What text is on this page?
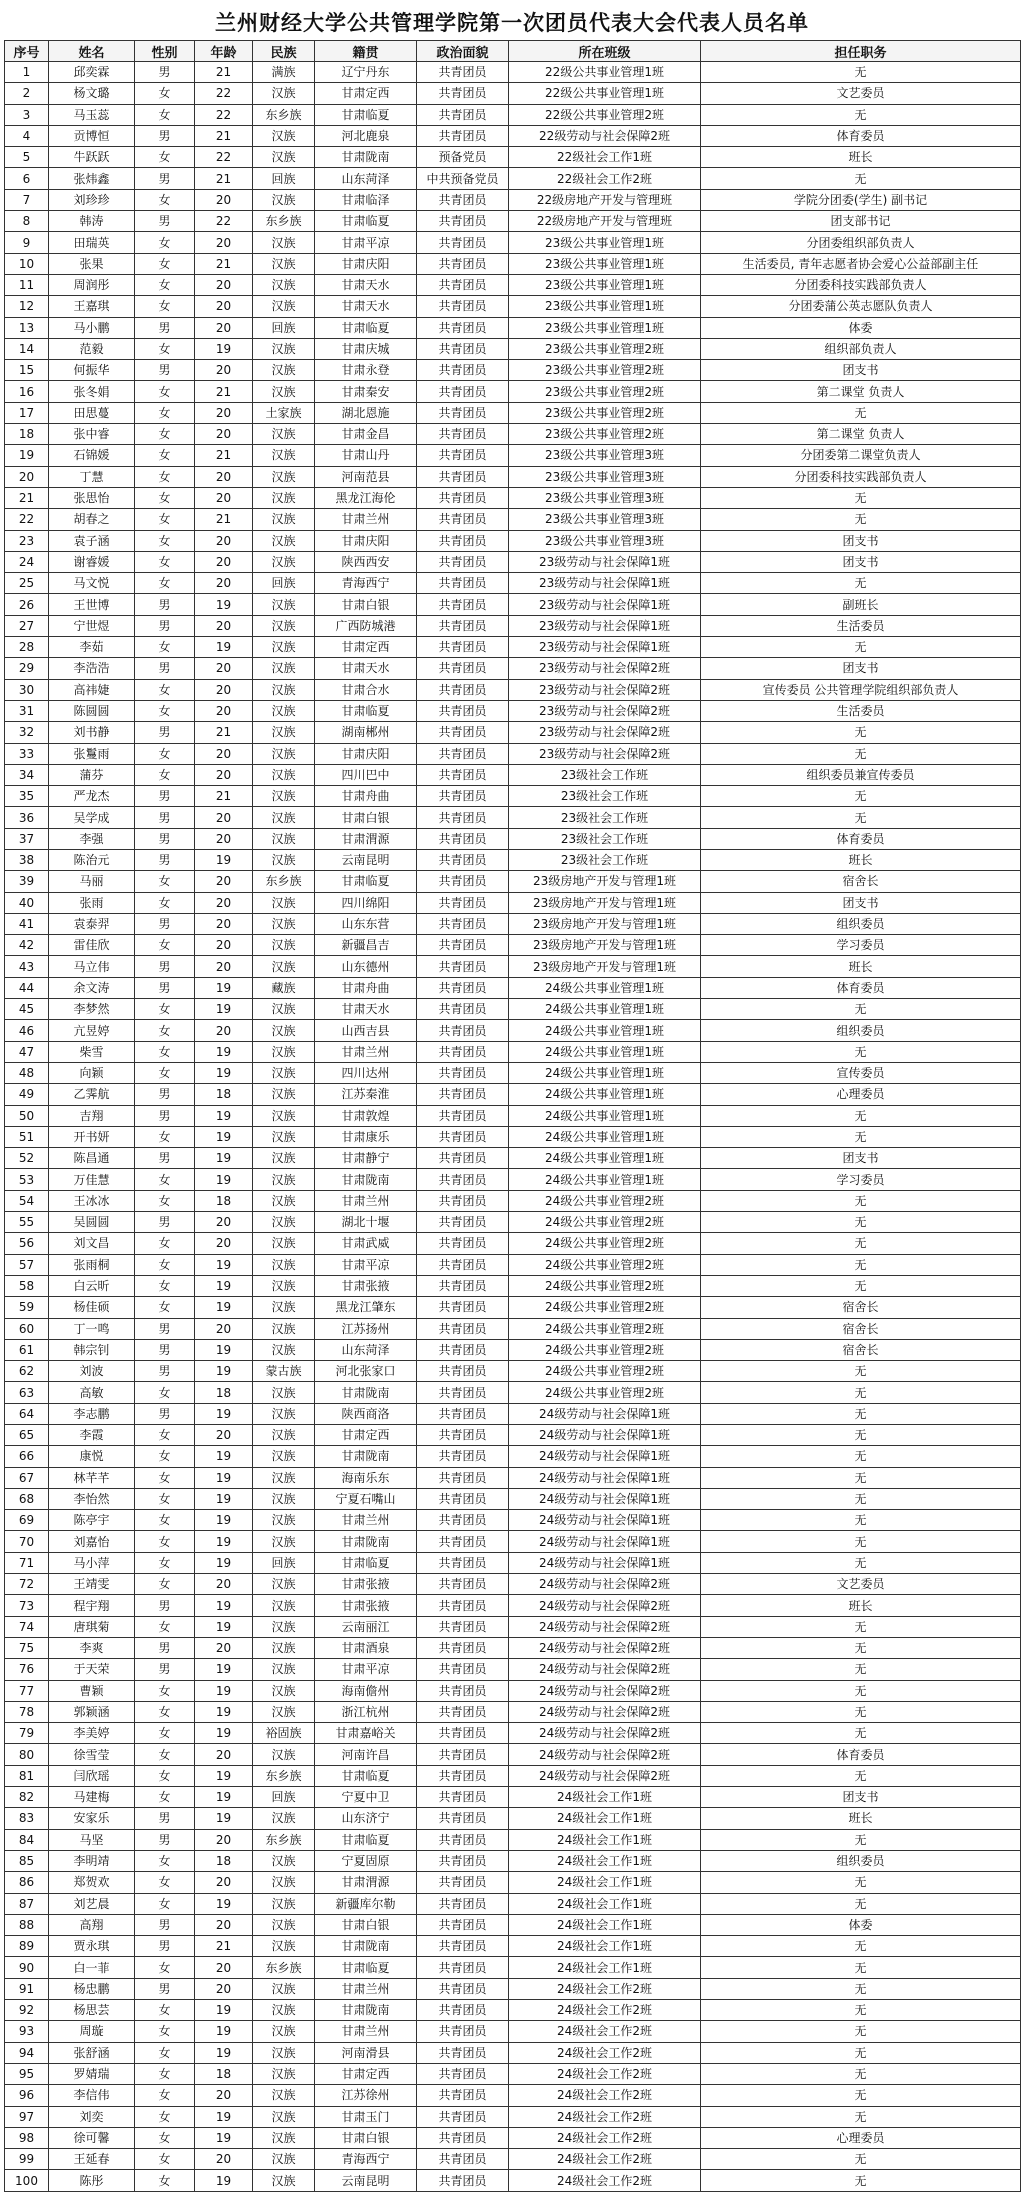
兰州财经大学公共管理学院第一次团员代表大会代表人员名单
序号	姓名	性别	年龄	民族	籍贯	政治面貌	所在班级	担任职务
1	邱奕霖	男	21	满族	辽宁丹东	共青团员	22级公共事业管理1班	无
2	杨文璐	女	22	汉族	甘肃定西	共青团员	22级公共事业管理1班	文艺委员
3	马玉蕊	女	22	东乡族	甘肃临夏	共青团员	22级公共事业管理2班	无
4	贡博恒	男	21	汉族	河北鹿泉	共青团员	22级劳动与社会保障2班	体育委员
5	牛跃跃	女	22	汉族	甘肃陇南	预备党员	22级社会工作1班	班长
6	张炜鑫	男	21	回族	山东菏泽	中共预备党员	22级社会工作2班	无
7	刘珍珍	女	20	汉族	甘肃临泽	共青团员	22级房地产开发与管理班	学院分团委(学生) 副书记
8	韩涛	男	22	东乡族	甘肃临夏	共青团员	22级房地产开发与管理班	团支部书记
9	田瑞英	女	20	汉族	甘肃平凉	共青团员	23级公共事业管理1班	分团委组织部负责人
10	张果	女	21	汉族	甘肃庆阳	共青团员	23级公共事业管理1班	生活委员, 青年志愿者协会爱心公益部副主任
11	周润彤	女	20	汉族	甘肃天水	共青团员	23级公共事业管理1班	分团委科技实践部负责人
12	王嘉琪	女	20	汉族	甘肃天水	共青团员	23级公共事业管理1班	分团委蒲公英志愿队负责人
13	马小鹏	男	20	回族	甘肃临夏	共青团员	23级公共事业管理1班	体委
14	范毅	女	19	汉族	甘肃庆城	共青团员	23级公共事业管理2班	组织部负责人
15	何振华	男	20	汉族	甘肃永登	共青团员	23级公共事业管理2班	团支书
16	张冬娟	女	21	汉族	甘肃秦安	共青团员	23级公共事业管理2班	第二课堂 负责人
17	田思蔓	女	20	土家族	湖北恩施	共青团员	23级公共事业管理2班	无
18	张中睿	女	20	汉族	甘肃金昌	共青团员	23级公共事业管理2班	第二课堂 负责人
19	石锦媛	女	21	汉族	甘肃山丹	共青团员	23级公共事业管理3班	分团委第二课堂负责人
20	丁慧	女	20	汉族	河南范县	共青团员	23级公共事业管理3班	分团委科技实践部负责人
21	张思怡	女	20	汉族	黑龙江海伦	共青团员	23级公共事业管理3班	无
22	胡春之	女	21	汉族	甘肃兰州	共青团员	23级公共事业管理3班	无
23	袁子涵	女	20	汉族	甘肃庆阳	共青团员	23级公共事业管理3班	团支书
24	谢睿媛	女	20	汉族	陕西西安	共青团员	23级劳动与社会保障1班	团支书
25	马文悦	女	20	回族	青海西宁	共青团员	23级劳动与社会保障1班	无
26	王世博	男	19	汉族	甘肃白银	共青团员	23级劳动与社会保障1班	副班长
27	宁世煜	男	20	汉族	广西防城港	共青团员	23级劳动与社会保障1班	生活委员
28	李茹	女	19	汉族	甘肃定西	共青团员	23级劳动与社会保障1班	无
29	李浩浩	男	20	汉族	甘肃天水	共青团员	23级劳动与社会保障2班	团支书
30	高祎婕	女	20	汉族	甘肃合水	共青团员	23级劳动与社会保障2班	宣传委员 公共管理学院组织部负责人
31	陈圆圆	女	20	汉族	甘肃临夏	共青团员	23级劳动与社会保障2班	生活委员
32	刘书静	男	21	汉族	湖南郴州	共青团员	23级劳动与社会保障2班	无
33	张鬘雨	女	20	汉族	甘肃庆阳	共青团员	23级劳动与社会保障2班	无
34	蒲芬	女	20	汉族	四川巴中	共青团员	23级社会工作班	组织委员兼宣传委员
35	严龙杰	男	21	汉族	甘肃舟曲	共青团员	23级社会工作班	无
36	吴学成	男	20	汉族	甘肃白银	共青团员	23级社会工作班	无
37	李强	男	20	汉族	甘肃渭源	共青团员	23级社会工作班	体育委员
38	陈治元	男	19	汉族	云南昆明	共青团员	23级社会工作班	班长
39	马丽	女	20	东乡族	甘肃临夏	共青团员	23级房地产开发与管理1班	宿舍长
40	张雨	女	20	汉族	四川绵阳	共青团员	23级房地产开发与管理1班	团支书
41	袁泰羿	男	20	汉族	山东东营	共青团员	23级房地产开发与管理1班	组织委员
42	雷佳欣	女	20	汉族	新疆昌吉	共青团员	23级房地产开发与管理1班	学习委员
43	马立伟	男	20	汉族	山东德州	共青团员	23级房地产开发与管理1班	班长
44	余文涛	男	19	藏族	甘肃舟曲	共青团员	24级公共事业管理1班	体育委员
45	李梦然	女	19	汉族	甘肃天水	共青团员	24级公共事业管理1班	无
46	亢昱婷	女	20	汉族	山西吉县	共青团员	24级公共事业管理1班	组织委员
47	柴雪	女	19	汉族	甘肃兰州	共青团员	24级公共事业管理1班	无
48	向颖	女	19	汉族	四川达州	共青团员	24级公共事业管理1班	宣传委员
49	乙霁航	男	18	汉族	江苏秦淮	共青团员	24级公共事业管理1班	心理委员
50	吉翔	男	19	汉族	甘肃敦煌	共青团员	24级公共事业管理1班	无
51	开书妍	女	19	汉族	甘肃康乐	共青团员	24级公共事业管理1班	无
52	陈昌通	男	19	汉族	甘肃静宁	共青团员	24级公共事业管理1班	团支书
53	万佳慧	女	19	汉族	甘肃陇南	共青团员	24级公共事业管理1班	学习委员
54	王冰冰	女	18	汉族	甘肃兰州	共青团员	24级公共事业管理2班	无
55	吴圆圆	男	20	汉族	湖北十堰	共青团员	24级公共事业管理2班	无
56	刘文昌	女	20	汉族	甘肃武威	共青团员	24级公共事业管理2班	无
57	张雨桐	女	19	汉族	甘肃平凉	共青团员	24级公共事业管理2班	无
58	白云昕	女	19	汉族	甘肃张掖	共青团员	24级公共事业管理2班	无
59	杨佳硕	女	19	汉族	黑龙江肇东	共青团员	24级公共事业管理2班	宿舍长
60	丁一鸣	男	20	汉族	江苏扬州	共青团员	24级公共事业管理2班	宿舍长
61	韩宗钊	男	19	汉族	山东菏泽	共青团员	24级公共事业管理2班	宿舍长
62	刘波	男	19	蒙古族	河北张家口	共青团员	24级公共事业管理2班	无
63	高敏	女	18	汉族	甘肃陇南	共青团员	24级公共事业管理2班	无
64	李志鹏	男	19	汉族	陕西商洛	共青团员	24级劳动与社会保障1班	无
65	李霞	女	20	汉族	甘肃定西	共青团员	24级劳动与社会保障1班	无
66	康悦	女	19	汉族	甘肃陇南	共青团员	24级劳动与社会保障1班	无
67	林芊芊	女	19	汉族	海南乐东	共青团员	24级劳动与社会保障1班	无
68	李怡然	女	19	汉族	宁夏石嘴山	共青团员	24级劳动与社会保障1班	无
69	陈亭宇	女	19	汉族	甘肃兰州	共青团员	24级劳动与社会保障1班	无
70	刘嘉怡	女	19	汉族	甘肃陇南	共青团员	24级劳动与社会保障1班	无
71	马小萍	女	19	回族	甘肃临夏	共青团员	24级劳动与社会保障1班	无
72	王靖雯	女	20	汉族	甘肃张掖	共青团员	24级劳动与社会保障2班	文艺委员
73	程宇翔	男	19	汉族	甘肃张掖	共青团员	24级劳动与社会保障2班	班长
74	唐琪菊	女	19	汉族	云南丽江	共青团员	24级劳动与社会保障2班	无
75	李爽	男	20	汉族	甘肃酒泉	共青团员	24级劳动与社会保障2班	无
76	于天荣	男	19	汉族	甘肃平凉	共青团员	24级劳动与社会保障2班	无
77	曹颖	女	19	汉族	海南儋州	共青团员	24级劳动与社会保障2班	无
78	郭颖涵	女	19	汉族	浙江杭州	共青团员	24级劳动与社会保障2班	无
79	李美婷	女	19	裕固族	甘肃嘉峪关	共青团员	24级劳动与社会保障2班	无
80	徐雪莹	女	20	汉族	河南许昌	共青团员	24级劳动与社会保障2班	体育委员
81	闫欣瑶	女	19	东乡族	甘肃临夏	共青团员	24级劳动与社会保障2班	无
82	马建梅	女	19	回族	宁夏中卫	共青团员	24级社会工作1班	团支书
83	安家乐	男	19	汉族	山东济宁	共青团员	24级社会工作1班	班长
84	马坚	男	20	东乡族	甘肃临夏	共青团员	24级社会工作1班	无
85	李明靖	女	18	汉族	宁夏固原	共青团员	24级社会工作1班	组织委员
86	郑贺欢	女	20	汉族	甘肃渭源	共青团员	24级社会工作1班	无
87	刘艺晨	女	19	汉族	新疆库尔勒	共青团员	24级社会工作1班	无
88	高翔	男	20	汉族	甘肃白银	共青团员	24级社会工作1班	体委
89	贾永琪	男	21	汉族	甘肃陇南	共青团员	24级社会工作1班	无
90	白一菲	女	20	东乡族	甘肃临夏	共青团员	24级社会工作1班	无
91	杨忠鹏	男	20	汉族	甘肃兰州	共青团员	24级社会工作2班	无
92	杨思芸	女	19	汉族	甘肃陇南	共青团员	24级社会工作2班	无
93	周璇	女	19	汉族	甘肃兰州	共青团员	24级社会工作2班	无
94	张舒涵	女	19	汉族	河南滑县	共青团员	24级社会工作2班	无
95	罗婧瑞	女	18	汉族	甘肃定西	共青团员	24级社会工作2班	无
96	李信伟	女	20	汉族	江苏徐州	共青团员	24级社会工作2班	无
97	刘奕	女	19	汉族	甘肃玉门	共青团员	24级社会工作2班	无
98	徐可馨	女	19	汉族	甘肃白银	共青团员	24级社会工作2班	心理委员
99	王延春	女	20	汉族	青海西宁	共青团员	24级社会工作2班	无
100	陈彤	女	19	汉族	云南昆明	共青团员	24级社会工作2班	无
